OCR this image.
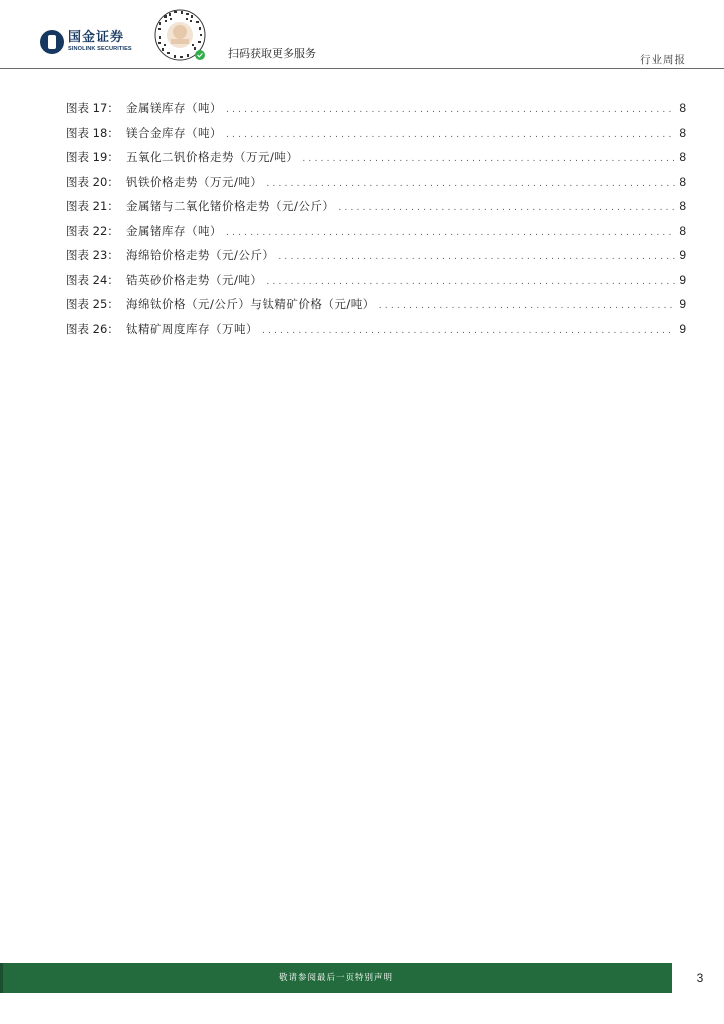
国金证券
SINOLINK SECURITIES	扫码获取更多服务	行业周报
图表 17： 金属镁库存（吨） .....	8
图表 18： 镁合金库存（吨） .....	8
图表 19： 五氧化二钒价格走势（万元/吨） .....	8
图表 20： 钒铁价格走势（万元/吨） .....	8
图表 21： 金属锗与二氧化锗价格走势（元/公斤） .....	8
图表 22： 金属锗库存（吨） .....	8
图表 23： 海绵铪价格走势（元/公斤） .....	9
图表 24： 锆英砂价格走势（元/吨） .....	9
图表 25： 海绵钛价格（元/公斤）与钛精矿价格（元/吨） .....	9
图表 26： 钛精矿周度库存（万吨） .....	9
敬请参阅最后一页特别声明	3
